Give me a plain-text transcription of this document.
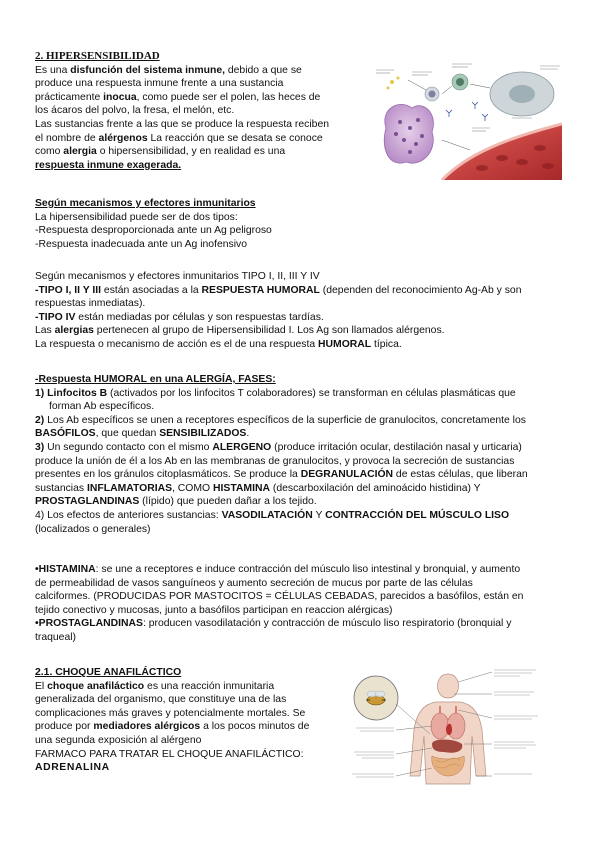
2. HIPERSENSIBILIDAD
Es una disfunción del sistema inmune, debido a que se
produce una respuesta inmune frente a una sustancia
prácticamente inocua, como puede ser el polen, las heces de
los ácaros del polvo, la fresa, el melón, etc.
Las sustancias frente a las que se produce la respuesta reciben
el nombre de alérgenos La reacción que se desata se conoce
como alergia o hipersensibilidad, y en realidad es una
respuesta inmune exagerada.
Según mecanismos y efectores inmunitarios
La hipersensibilidad puede ser de dos tipos:
-Respuesta desproporcionada ante un Ag peligroso
-Respuesta inadecuada ante un Ag inofensivo
Según mecanismos y efectores inmunitarios TIPO I, II, III Y IV
-TIPO I, II Y III están asociadas a la RESPUESTA HUMORAL (dependen del reconocimiento Ag-Ab y son
respuestas inmediatas).
-TIPO IV están mediadas por células y son respuestas tardías.
Las alergias pertenecen al grupo de Hipersensibilidad I. Los Ag son llamados alérgenos.
La respuesta o mecanismo de acción es el de una respuesta HUMORAL típica.
-Respuesta HUMORAL en una ALERGÍA, FASES:
1) Linfocitos B (activados por los linfocitos T colaboradores) se transforman en células plasmáticas que
forman Ab específicos.
2) Los Ab específicos se unen a receptores específicos de la superficie de granulocitos, concretamente los
BASÓFILOS, que quedan SENSIBILIZADOS.
3) Un segundo contacto con el mismo ALERGENO (produce irritación ocular, destilación nasal y urticaria)
produce la unión de él a los Ab en las membranas de granulocitos, y provoca la secreción de sustancias
presentes en los gránulos citoplasmáticos. Se produce la DEGRANULACIÓN de estas células, que liberan
sustancias INFLAMATORIAS, COMO HISTAMINA (descarboxilación del aminoácido histidina) Y
PROSTAGLANDINAS (lípido) que pueden dañar a los tejido.
4) Los efectos de anteriores sustancias: VASODILATACIÓN Y CONTRACCIÓN DEL MÚSCULO LISO
(localizados o generales)
•HISTAMINA: se une a receptores e induce contracción del músculo liso intestinal y bronquial, y aumento
de permeabilidad de vasos sanguíneos y aumento secreción de mucus por parte de las células
calciformes. (PRODUCIDAS POR MASTOCITOS = CÉLULAS CEBADAS, parecidos a basófilos, están en
tejido conectivo y mucosas, junto a basófilos participan en reaccion alérgicas)
•PROSTAGLANDINAS: producen vasodilatación y contracción de músculo liso respiratorio (bronquial y
traqueal)
2.1. CHOQUE ANAFILÁCTICO
El choque anafiláctico es una reacción inmunitaria
generalizada del organismo, que constituye una de las
complicaciones más graves y potencialmente mortales. Se
produce por mediadores alérgicos a los pocos minutos de
una segunda exposición al alérgeno
FARMACO PARA TRATAR EL CHOQUE ANAFILÁCTICO:
ADRENALINA
